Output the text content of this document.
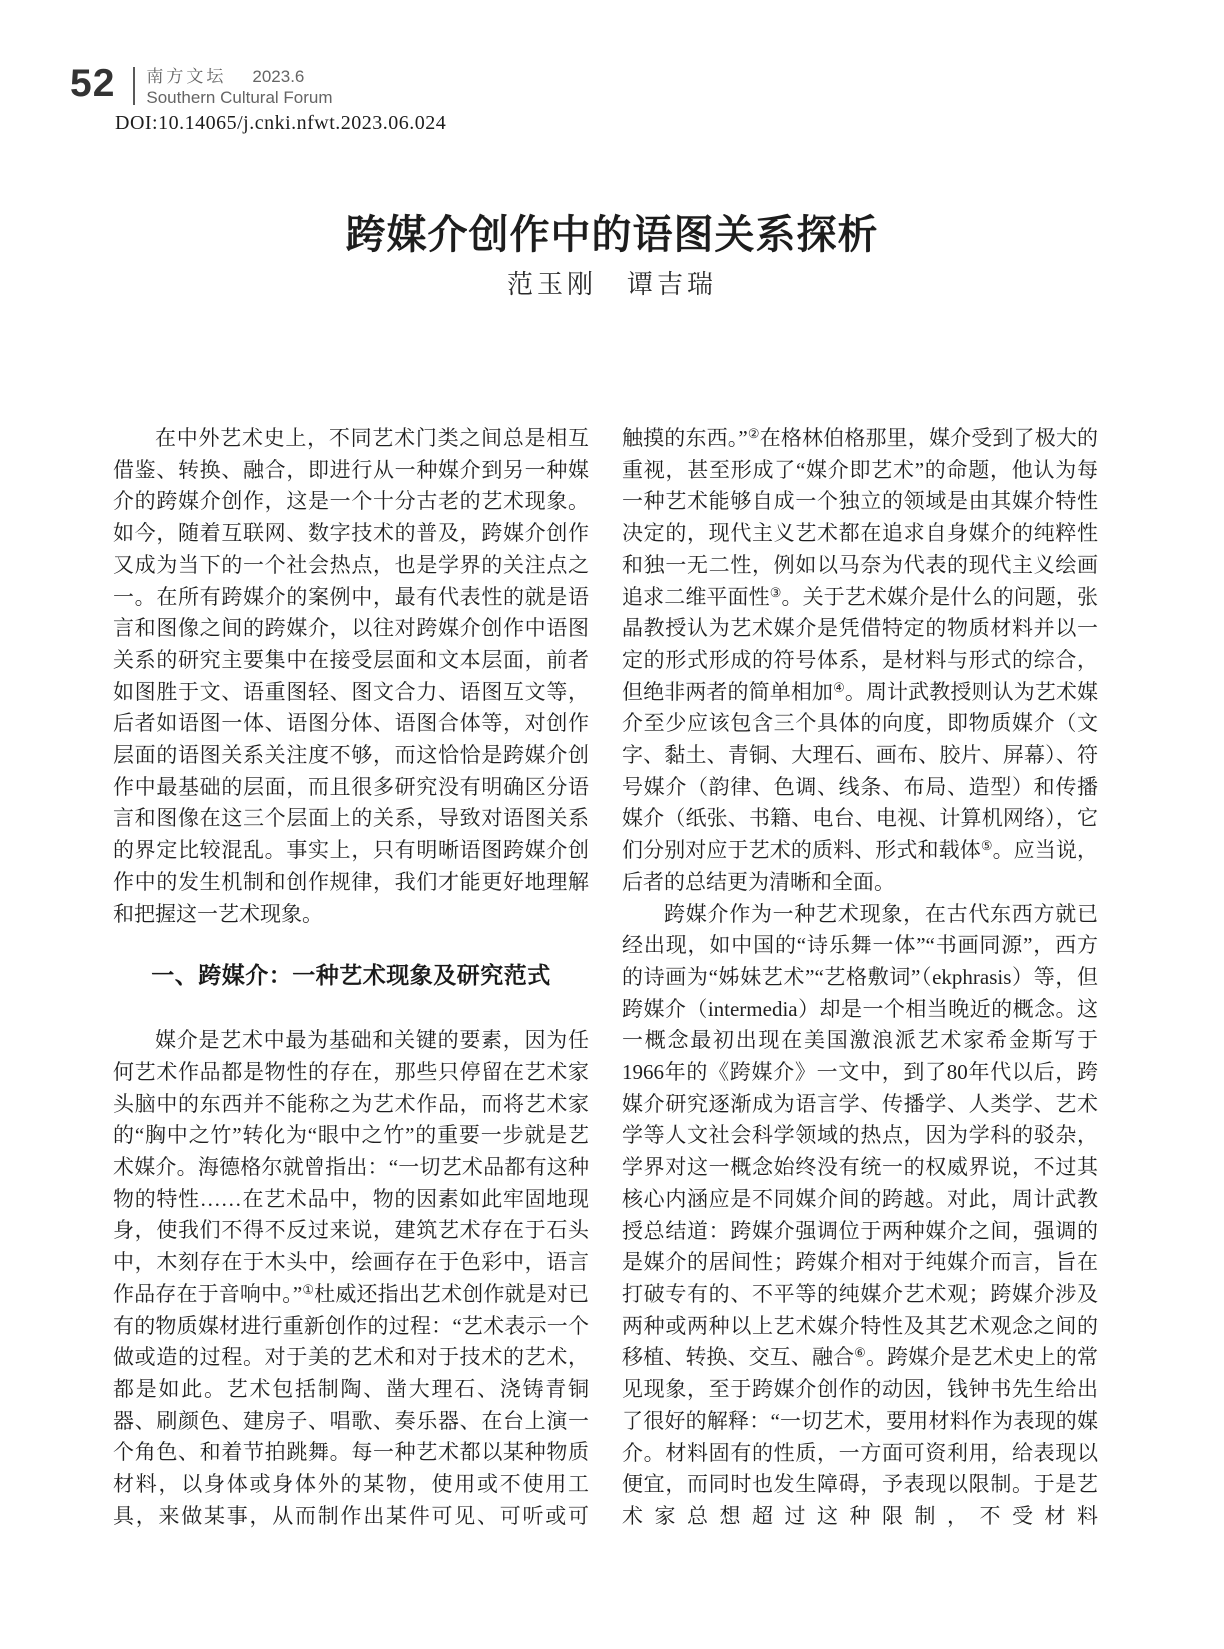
52 南方文坛 2023.6
Southern Cultural Forum
DOI:10.14065/j.cnki.nfwt.2023.06.024
跨媒介创作中的语图关系探析
范玉刚　谭吉瑞

在中外艺术史上，不同艺术门类之间总是相互借鉴、转换、融合，即进行从一种媒介到另一种媒介的跨媒介创作，这是一个十分古老的艺术现象。如今，随着互联网、数字技术的普及，跨媒介创作又成为当下的一个社会热点，也是学界的关注点之一。在所有跨媒介的案例中，最有代表性的就是语言和图像之间的跨媒介，以往对跨媒介创作中语图关系的研究主要集中在接受层面和文本层面，前者如图胜于文、语重图轻、图文合力、语图互文等，后者如语图一体、语图分体、语图合体等，对创作层面的语图关系关注度不够，而这恰恰是跨媒介创作中最基础的层面，而且很多研究没有明确区分语言和图像在这三个层面上的关系，导致对语图关系的界定比较混乱。事实上，只有明晰语图跨媒介创作中的发生机制和创作规律，我们才能更好地理解和把握这一艺术现象。

一、跨媒介：一种艺术现象及研究范式

媒介是艺术中最为基础和关键的要素，因为任何艺术作品都是物性的存在，那些只停留在艺术家头脑中的东西并不能称之为艺术作品，而将艺术家的“胸中之竹”转化为“眼中之竹”的重要一步就是艺术媒介。海德格尔就曾指出：“一切艺术品都有这种物的特性……在艺术品中，物的因素如此牢固地现身，使我们不得不反过来说，建筑艺术存在于石头中，木刻存在于木头中，绘画存在于色彩中，语言作品存在于音响中。”①杜威还指出艺术创作就是对已有的物质媒材进行重新创作的过程：“艺术表示一个做或造的过程。对于美的艺术和对于技术的艺术，都是如此。艺术包括制陶、凿大理石、浇铸青铜器、刷颜色、建房子、唱歌、奏乐器、在台上演一个角色、和着节拍跳舞。每一种艺术都以某种物质材料，以身体或身体外的某物，使用或不使用工具，来做某事，从而制作出某件可见、可听或可

触摸的东西。”②在格林伯格那里，媒介受到了极大的重视，甚至形成了“媒介即艺术”的命题，他认为每一种艺术能够自成一个独立的领域是由其媒介特性决定的，现代主义艺术都在追求自身媒介的纯粹性和独一无二性，例如以马奈为代表的现代主义绘画追求二维平面性③。关于艺术媒介是什么的问题，张晶教授认为艺术媒介是凭借特定的物质材料并以一定的形式形成的符号体系，是材料与形式的综合，但绝非两者的简单相加④。周计武教授则认为艺术媒介至少应该包含三个具体的向度，即物质媒介（文字、黏土、青铜、大理石、画布、胶片、屏幕）、符号媒介（韵律、色调、线条、布局、造型）和传播媒介（纸张、书籍、电台、电视、计算机网络），它们分别对应于艺术的质料、形式和载体⑤。应当说，后者的总结更为清晰和全面。

跨媒介作为一种艺术现象，在古代东西方就已经出现，如中国的“诗乐舞一体”“书画同源”，西方的诗画为“姊妹艺术”“艺格敷词”（ekphrasis）等，但跨媒介（intermedia）却是一个相当晚近的概念。这一概念最初出现在美国激浪派艺术家希金斯写于1966年的《跨媒介》一文中，到了80年代以后，跨媒介研究逐渐成为语言学、传播学、人类学、艺术学等人文社会科学领域的热点，因为学科的驳杂，学界对这一概念始终没有统一的权威界说，不过其核心内涵应是不同媒介间的跨越。对此，周计武教授总结道：跨媒介强调位于两种媒介之间，强调的是媒介的居间性；跨媒介相对于纯媒介而言，旨在打破专有的、不平等的纯媒介艺术观；跨媒介涉及两种或两种以上艺术媒介特性及其艺术观念之间的移植、转换、交互、融合⑥。跨媒介是艺术史上的常见现象，至于跨媒介创作的动因，钱钟书先生给出了很好的解释：“一切艺术，要用材料作为表现的媒介。材料固有的性质，一方面可资利用，给表现以便宜，而同时也发生障碍，予表现以限制。于是艺术家总想超过这种限制，不受材料
